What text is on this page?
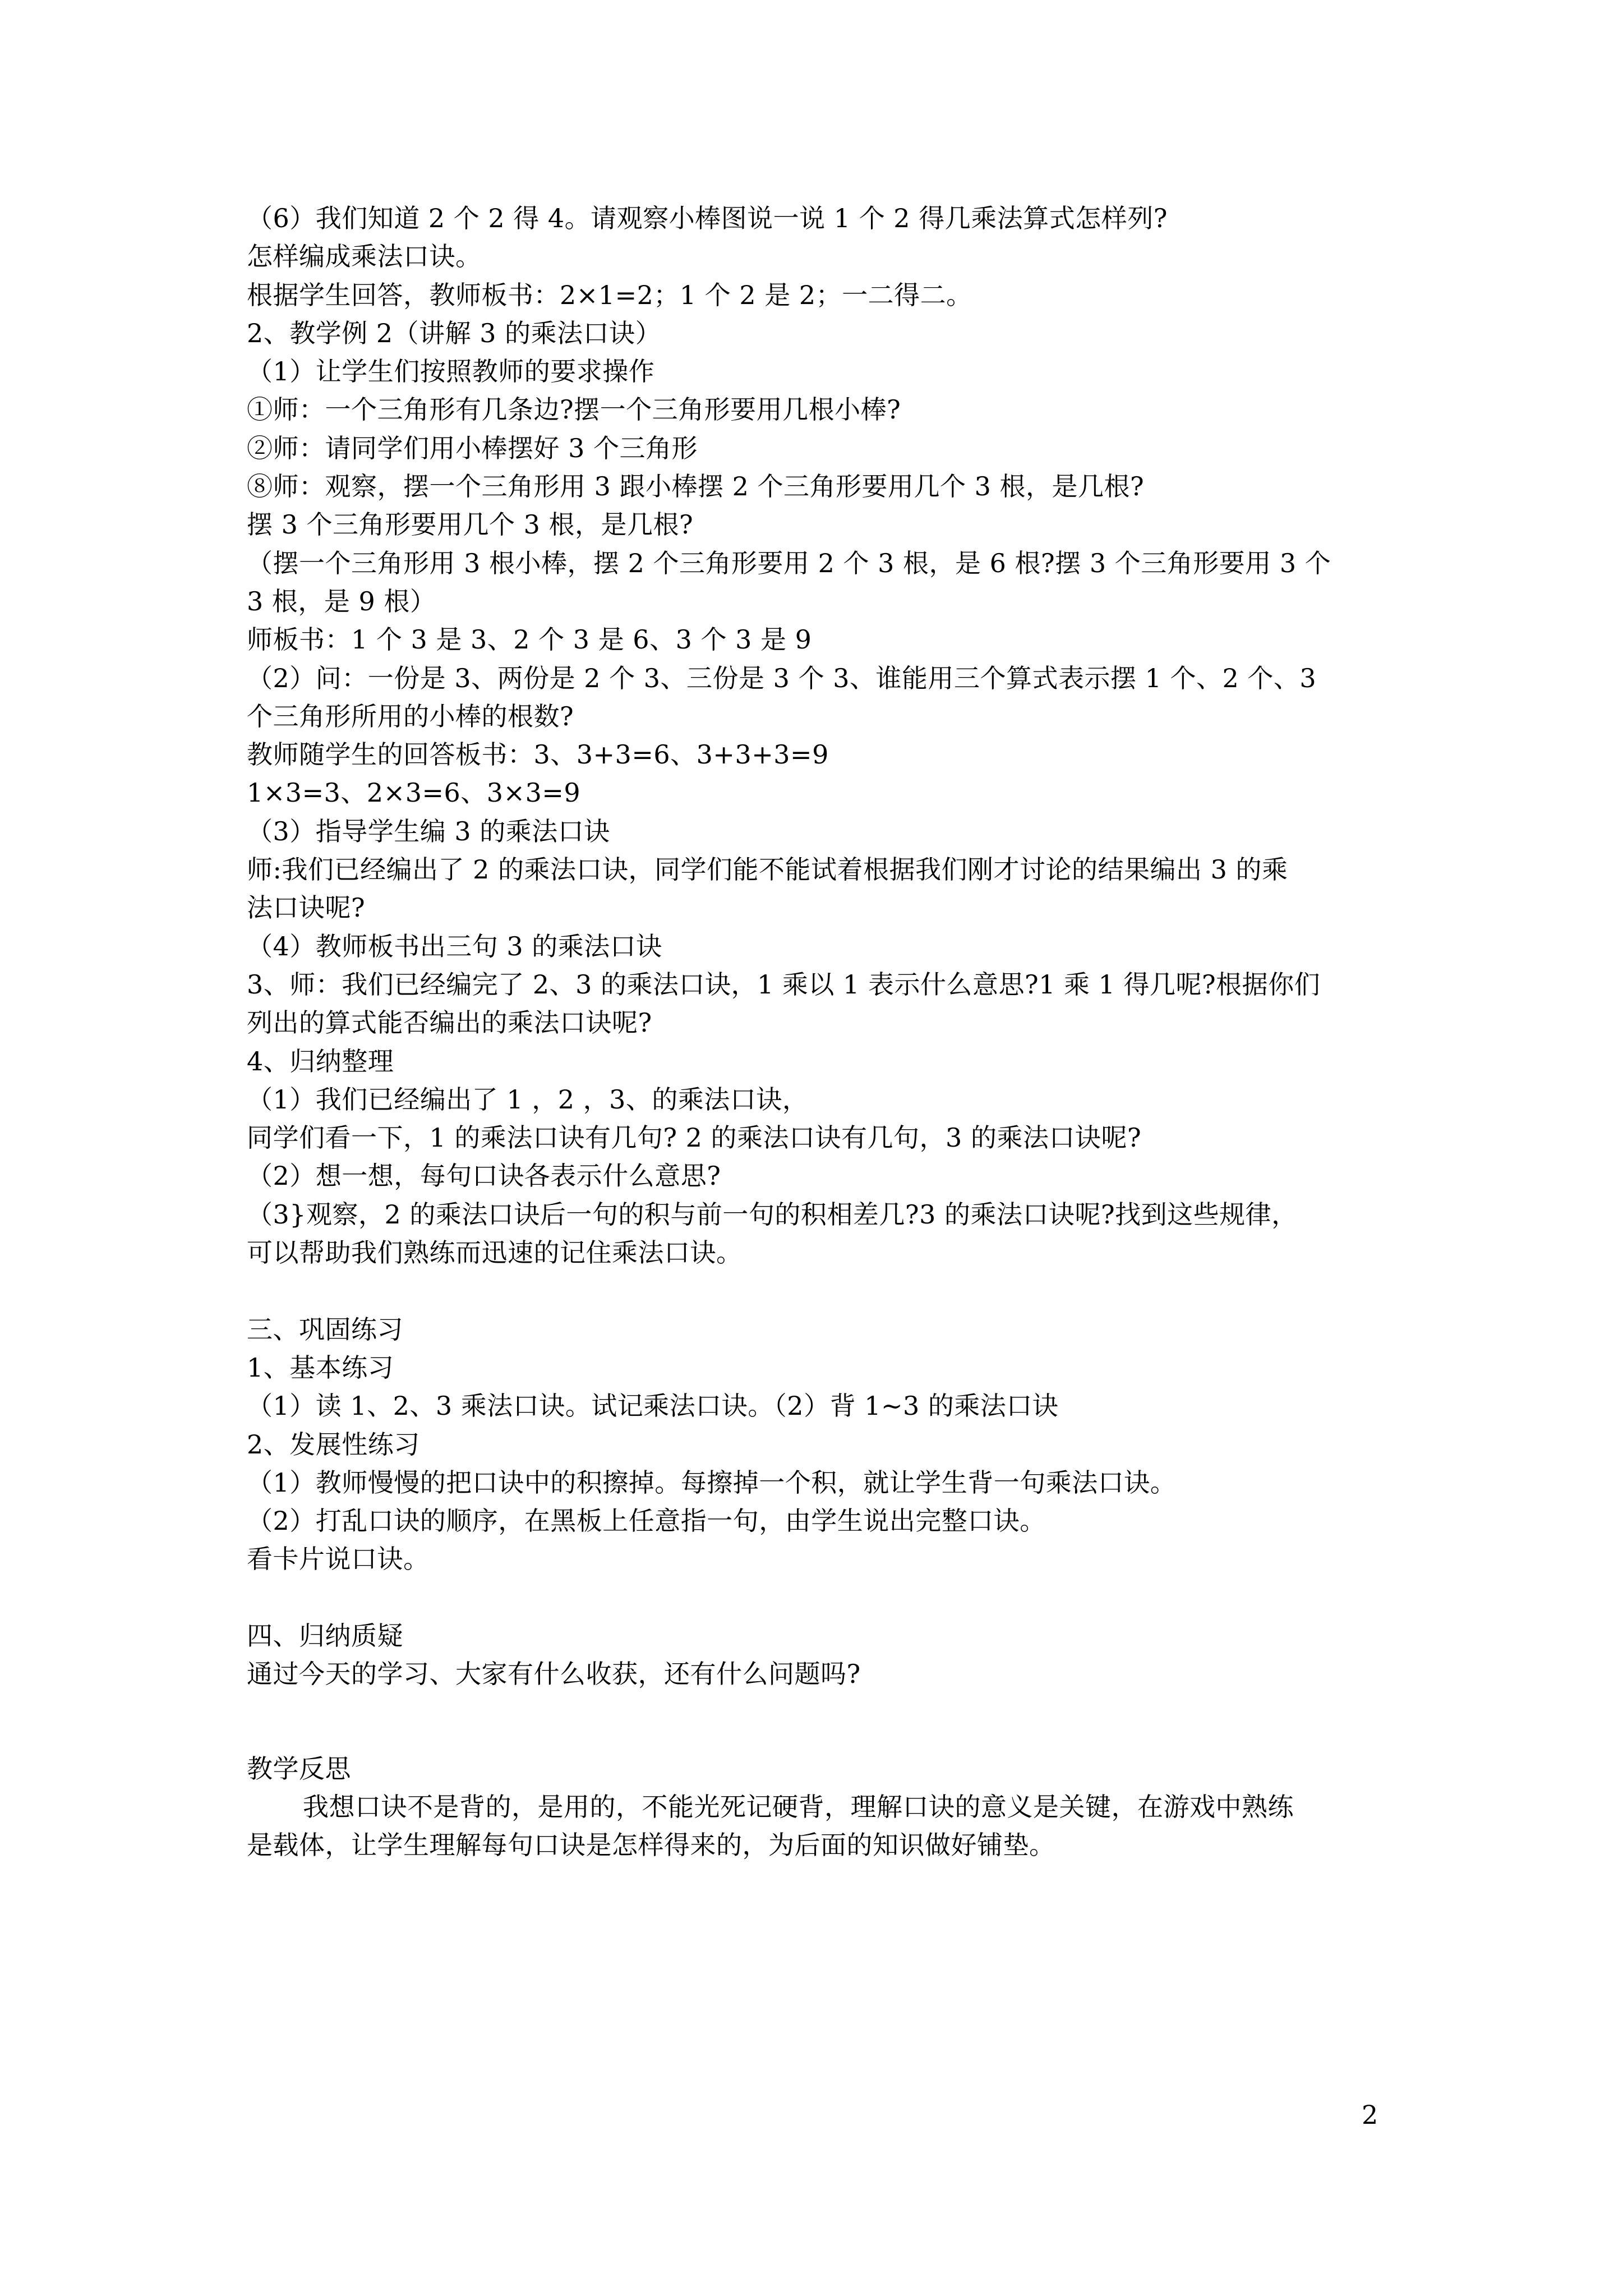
（6）我们知道 2 个 2 得 4。请观察小棒图说一说 1 个 2 得几乘法算式怎样列?
怎样编成乘法口诀。
根据学生回答，教师板书：2×1=2；1 个 2 是 2；一二得二。
2、教学例 2（讲解 3 的乘法口诀）
（1）让学生们按照教师的要求操作
①师：一个三角形有几条边?摆一个三角形要用几根小棒?
②师：请同学们用小棒摆好 3 个三角形
⑧师：观察，摆一个三角形用 3 跟小棒摆 2 个三角形要用几个 3 根，是几根?
摆 3 个三角形要用几个 3 根，是几根?
（摆一个三角形用 3 根小棒，摆 2 个三角形要用 2 个 3 根，是 6 根?摆 3 个三角形要用 3 个
3 根，是 9 根）
师板书：1 个 3 是 3、2 个 3 是 6、3 个 3 是 9
（2）问：一份是 3、两份是 2 个 3、三份是 3 个 3、谁能用三个算式表示摆 1 个、2 个、3
个三角形所用的小棒的根数?
教师随学生的回答板书：3、3+3=6、3+3+3=9
1×3=3、2×3=6、3×3=9
（3）指导学生编 3 的乘法口诀
师:我们已经编出了 2 的乘法口诀，同学们能不能试着根据我们刚才讨论的结果编出 3 的乘
法口诀呢?
（4）教师板书出三句 3 的乘法口诀
3、师：我们已经编完了 2、3 的乘法口诀，1 乘以 1 表示什么意思?1 乘 1 得几呢?根据你们
列出的算式能否编出的乘法口诀呢?
4、归纳整理
（1）我们已经编出了 1 ，2 ，3、的乘法口诀，
同学们看一下，1 的乘法口诀有几句? 2 的乘法口诀有几句，3 的乘法口诀呢?
（2）想一想，每句口诀各表示什么意思?
（3}观察，2 的乘法口诀后一句的积与前一句的积相差几?3 的乘法口诀呢?找到这些规律，
可以帮助我们熟练而迅速的记住乘法口诀。
三、巩固练习
1、基本练习
（1）读 1、2、3 乘法口诀。试记乘法口诀。（2）背 1~3 的乘法口诀
2、发展性练习
（1）教师慢慢的把口诀中的积擦掉。每擦掉一个积，就让学生背一句乘法口诀。
（2）打乱口诀的顺序，在黑板上任意指一句，由学生说出完整口诀。
看卡片说口诀。
四、归纳质疑
通过今天的学习、大家有什么收获，还有什么问题吗?
教学反思
我想口诀不是背的，是用的，不能光死记硬背，理解口诀的意义是关键，在游戏中熟练
是载体，让学生理解每句口诀是怎样得来的，为后面的知识做好铺垫。
2
